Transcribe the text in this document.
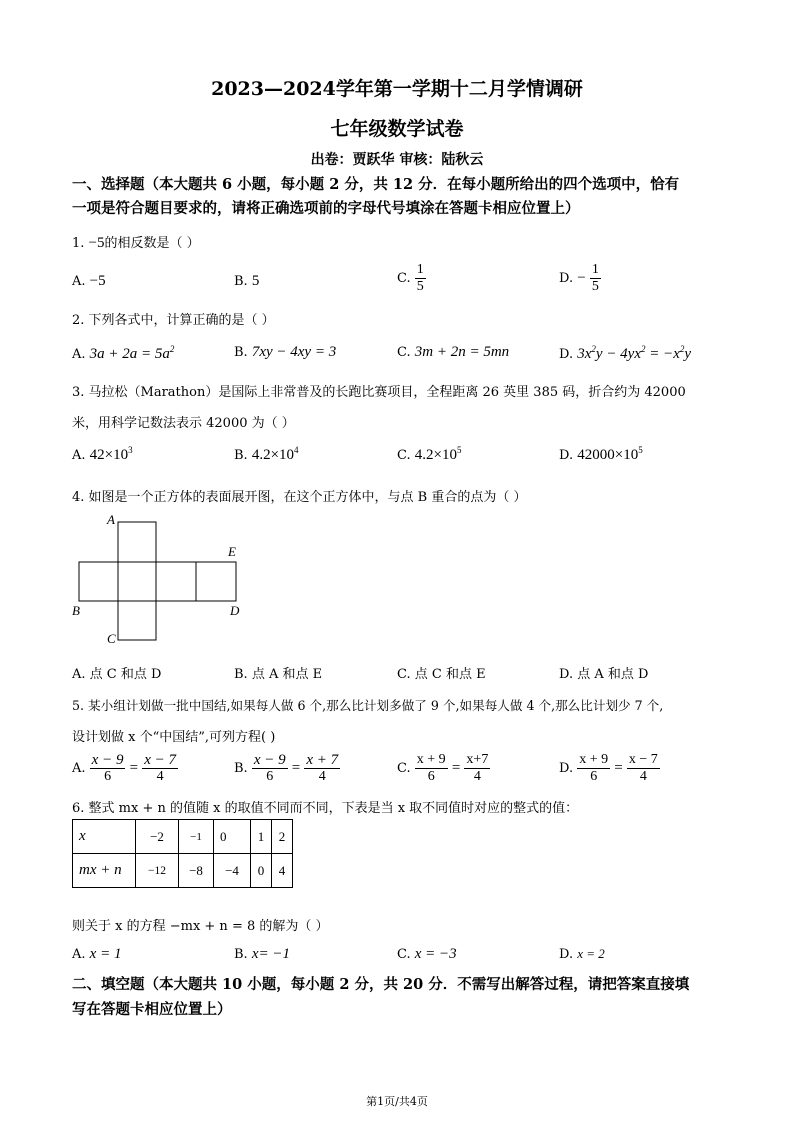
2023—2024学年第一学期十二月学情调研
七年级数学试卷
出卷：贾跃华 审核：陆秋云
一、选择题（本大题共 6 小题，每小题 2 分，共 12 分．在每小题所给出的四个选项中，恰有
一项是符合题目要求的，请将正确选项前的字母代号填涂在答题卡相应位置上）
1. −5的相反数是（ ）
A. −5	B. 5	C. $\frac{1}{5}$	D. − $\frac{1}{5}$
2. 下列各式中，计算正确的是（ ）
A. $3a + 2a = 5a^2$	B. 7xy − 4xy = 3	C. 3m + 2n = 5mn	D. $3x^2y - 4yx^2 = -x^2y$
3. 马拉松（Marathon）是国际上非常普及的长跑比赛项目，全程距离 26 英里 385 码，折合约为 42000
米，用科学记数法表示 42000 为（ ）
A. $42\times 10^3$	B. $4.2\times 10^4$	C. $4.2\times 10^5$	D. $42000\times 10^5$
4. 如图是一个正方体的表面展开图，在这个正方体中，与点 B 重合的点为（ ）
A
E
B	D
C
A. 点 C 和点 D	B. 点 A 和点 E	C. 点 C 和点 E	D. 点 A 和点 D
5. 某小组计划做一批中国结,如果每人做 6 个,那么比计划多做了 9 个,如果每人做 4 个,那么比计划少 7 个,
设计划做 x 个“中国结”,可列方程( )
A. $\frac{x - 9}{6} = \frac{x - 7}{4}$	B. $\frac{x - 9}{6} = \frac{x + 7}{4}$	C. $\frac{x + 9}{6} = \frac{x+7}{4}$	D. $\frac{x + 9}{6} = \frac{x - 7}{4}$
6. 整式 mx + n 的值随 x 的取值不同而不同，下表是当 x 取不同值时对应的整式的值：
x	−2	−1	0	1	2
mx + n	−12	−8	−4	0	4
则关于 x 的方程 −mx + n = 8 的解为（ ）
A. x = 1	B. x= −1	C. x = −3	D. x = 2
二、填空题（本大题共 10 小题，每小题 2 分，共 20 分．不需写出解答过程，请把答案直接填
写在答题卡相应位置上）
第1页/共4页
